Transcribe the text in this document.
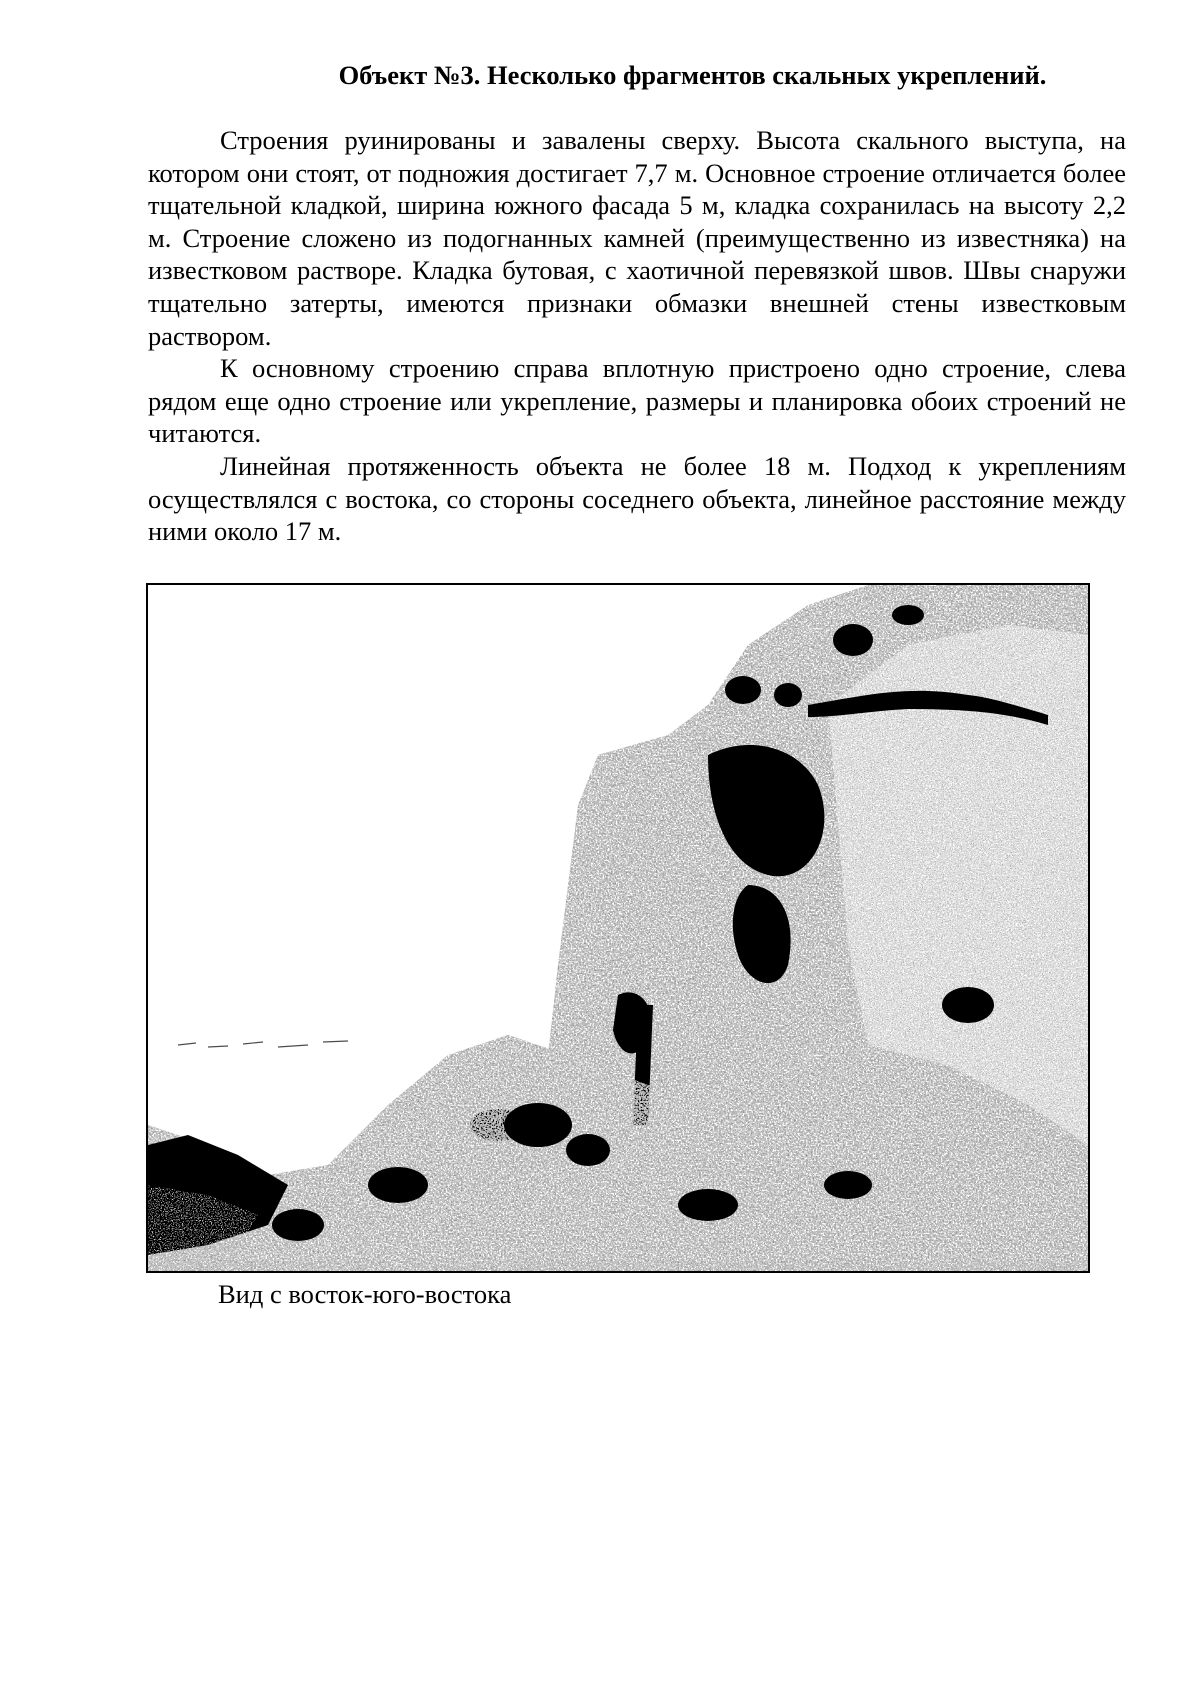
Объект №3. Несколько фрагментов скальных укреплений.

Строения руинированы и завалены сверху. Высота скального выступа, на котором они стоят, от подножия достигает 7,7 м. Основное строение отличается более тщательной кладкой, ширина южного фасада 5 м, кладка сохранилась на высоту 2,2 м. Строение сложено из подогнанных камней (преимущественно из известняка) на известковом растворе. Кладка бутовая, с хаотичной перевязкой швов. Швы снаружи тщательно затерты, имеются признаки обмазки внешней стены известковым раствором.

К основному строению справа вплотную пристроено одно строение, слева рядом еще одно строение или укрепление, размеры и планировка обоих строений не читаются.

Линейная протяженность объекта не более 18 м. Подход к укреплениям осуществлялся с востока, со стороны соседнего объекта, линейное расстояние между ними около 17 м.

Вид с восток-юго-востока
